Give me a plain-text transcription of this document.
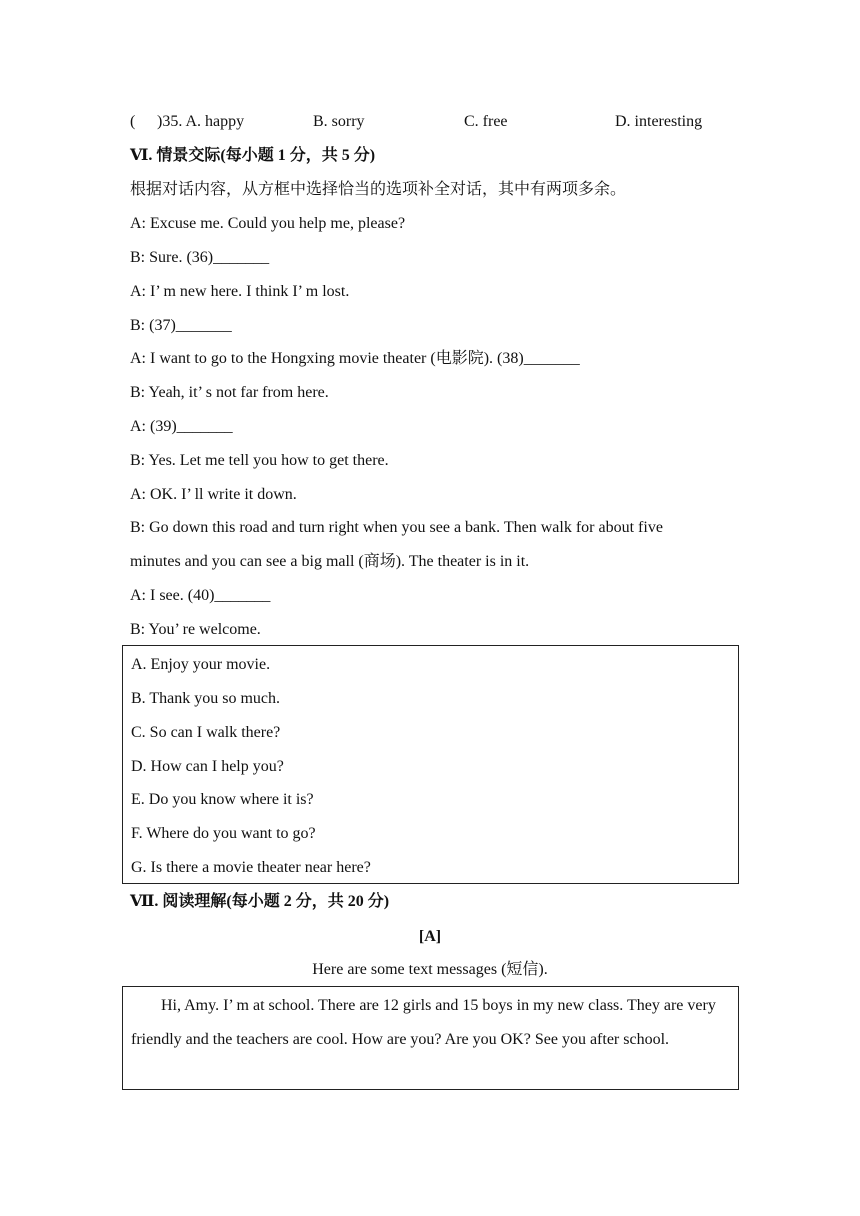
( )35. A. happy	B. sorry	C. free	D. interesting
Ⅵ. 情景交际(每小题 1 分，共 5 分)
根据对话内容，从方框中选择恰当的选项补全对话，其中有两项多余。
A: Excuse me. Could you help me, please?
B: Sure. (36)_______
A: I’ m new here. I think I’ m lost.
B: (37)_______
A: I want to go to the Hongxing movie theater (电影院). (38)_______
B: Yeah, it’ s not far from here.
A: (39)_______
B: Yes. Let me tell you how to get there.
A: OK. I’ ll write it down.
B: Go down this road and turn right when you see a bank. Then walk for about five
minutes and you can see a big mall (商场). The theater is in it.
A: I see. (40)_______
B: You’ re welcome.
A. Enjoy your movie.
B. Thank you so much.
C. So can I walk there?
D. How can I help you?
E. Do you know where it is?
F. Where do you want to go?
G. Is there a movie theater near here?
Ⅶ. 阅读理解(每小题 2 分，共 20 分)
[A]
Here are some text messages (短信).
Hi, Amy. I’ m at school. There are 12 girls and 15 boys in my new class. They are very friendly and the teachers are cool. How are you? Are you OK? See you after school.
